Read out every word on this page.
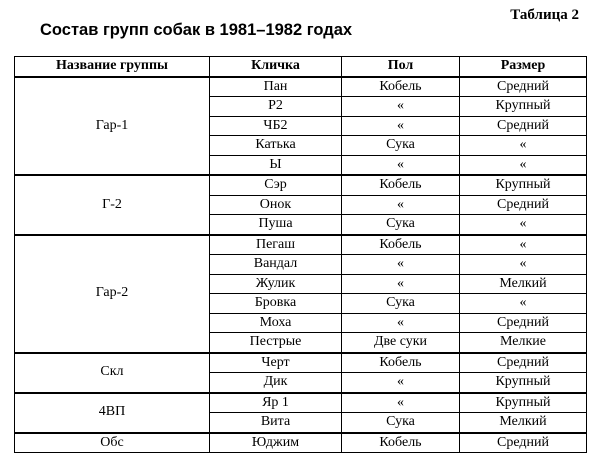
Таблица 2
Состав групп собак в 1981–1982 годах
Название группы	Кличка	Пол	Размер
Гар-1	Пан	Кобель	Средний
	Р2	«	Крупный
	ЧБ2	«	Средний
	Катька	Сука	«
	Ы	«	«
Г-2	Сэр	Кобель	Крупный
	Онок	«	Средний
	Пуша	Сука	«
Гар-2	Пегаш	Кобель	«
	Вандал	«	«
	Жулик	«	Мелкий
	Бровка	Сука	«
	Моха	«	Средний
	Пестрые	Две суки	Мелкие
Скл	Черт	Кобель	Средний
	Дик	«	Крупный
4ВП	Яр 1	«	Крупный
	Вита	Сука	Мелкий
Обс	Юджим	Кобель	Средний
